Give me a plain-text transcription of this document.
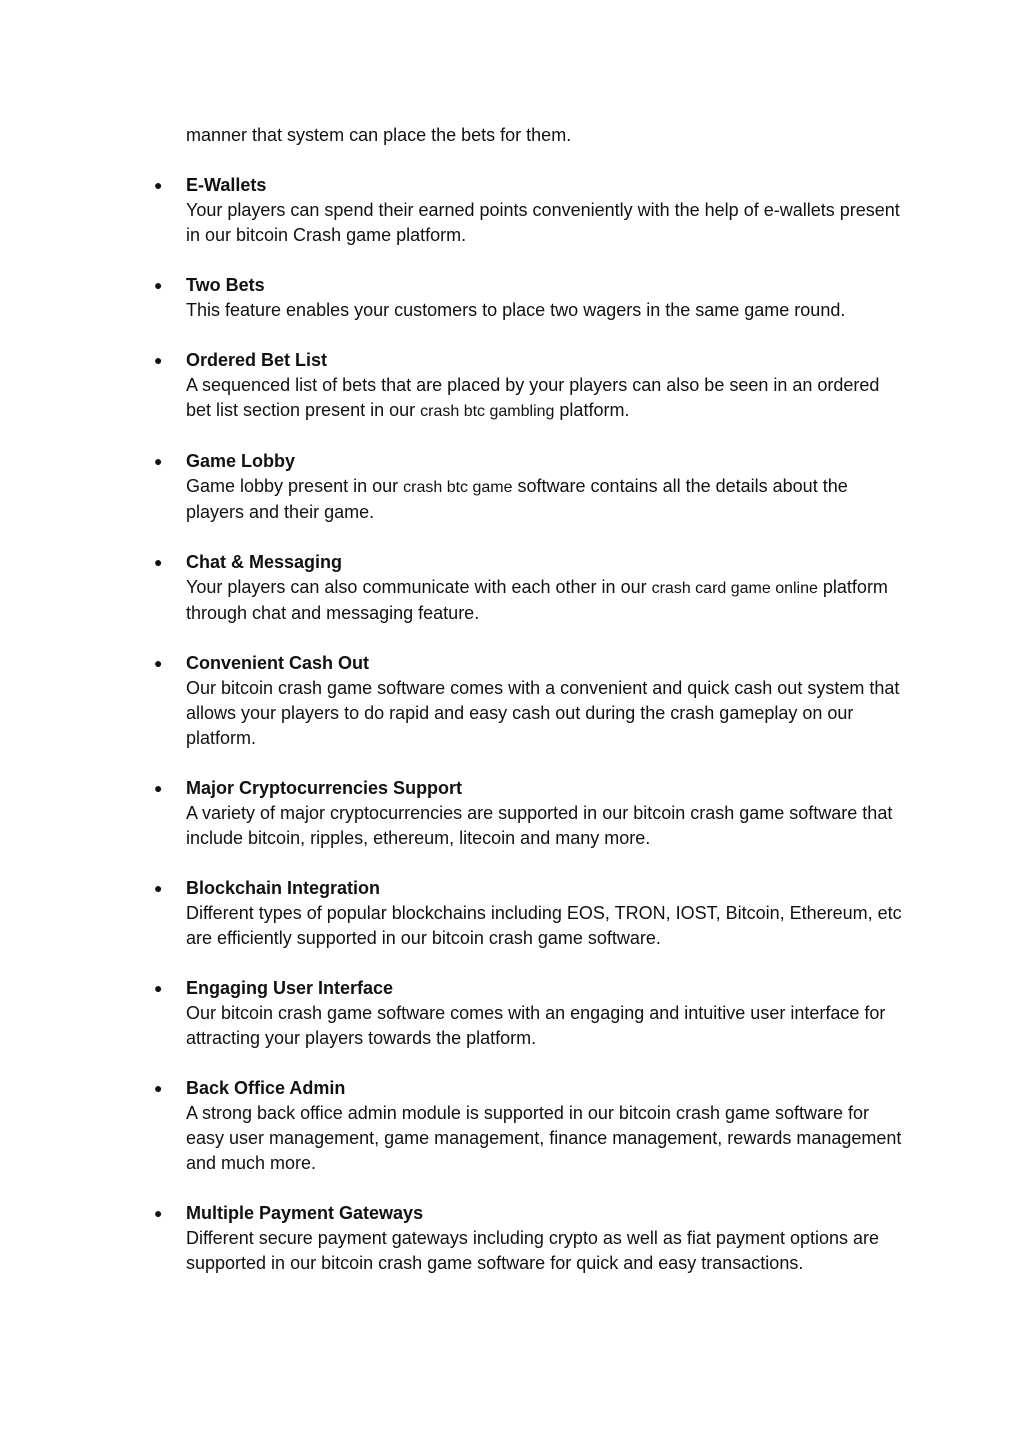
manner that system can place the bets for them.

● E-Wallets
Your players can spend their earned points conveniently with the help of e-wallets present in our bitcoin Crash game platform.
● Two Bets
This feature enables your customers to place two wagers in the same game round.
● Ordered Bet List
A sequenced list of bets that are placed by your players can also be seen in an ordered bet list section present in our crash btc gambling platform.
● Game Lobby
Game lobby present in our crash btc game software contains all the details about the players and their game.
● Chat & Messaging
Your players can also communicate with each other in our crash card game online platform through chat and messaging feature.
● Convenient Cash Out
Our bitcoin crash game software comes with a convenient and quick cash out system that allows your players to do rapid and easy cash out during the crash gameplay on our platform.
● Major Cryptocurrencies Support
A variety of major cryptocurrencies are supported in our bitcoin crash game software that include bitcoin, ripples, ethereum, litecoin and many more.
● Blockchain Integration
Different types of popular blockchains including EOS, TRON, IOST, Bitcoin, Ethereum, etc are efficiently supported in our bitcoin crash game software.
● Engaging User Interface
Our bitcoin crash game software comes with an engaging and intuitive user interface for attracting your players towards the platform.
● Back Office Admin
A strong back office admin module is supported in our bitcoin crash game software for easy user management, game management, finance management, rewards management and much more.
● Multiple Payment Gateways
Different secure payment gateways including crypto as well as fiat payment options are supported in our bitcoin crash game software for quick and easy transactions.
